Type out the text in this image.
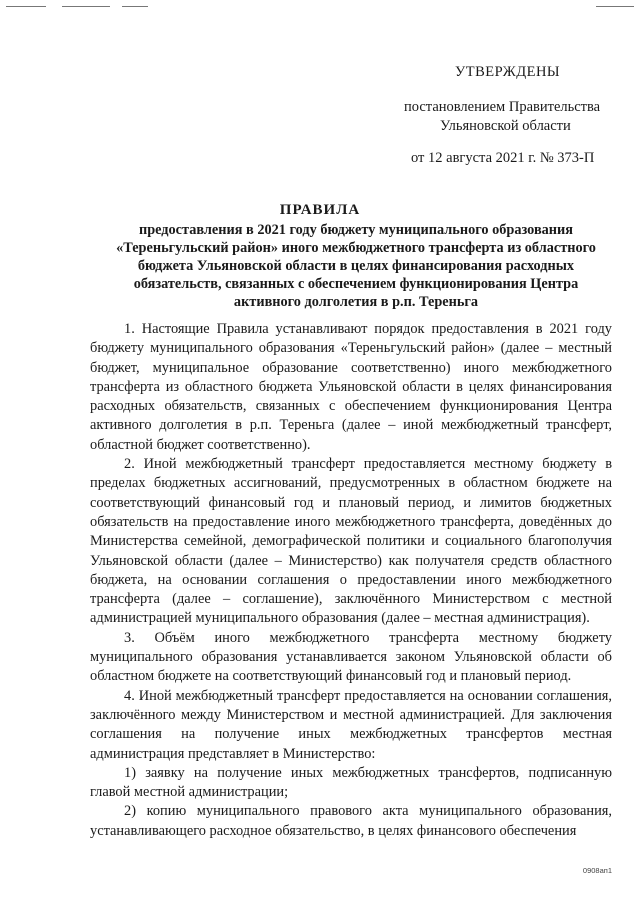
УТВЕРЖДЕНЫ
постановлением Правительства
Ульяновской области
от 12 августа 2021 г. № 373-П
ПРАВИЛА
предоставления в 2021 году бюджету муниципального образования «Тереньгульский район» иного межбюджетного трансферта из областного бюджета Ульяновской области в целях финансирования расходных обязательств, связанных с обеспечением функционирования Центра активного долголетия в р.п. Тереньга

1. Настоящие Правила устанавливают порядок предоставления в 2021 году бюджету муниципального образования «Тереньгульский район» (далее – местный бюджет, муниципальное образование соответственно) иного межбюджетного трансферта из областного бюджета Ульяновской области в целях финансирования расходных обязательств, связанных с обеспечением функционирования Центра активного долголетия в р.п. Тереньга (далее – иной межбюджетный трансферт, областной бюджет соответственно).

2. Иной межбюджетный трансферт предоставляется местному бюджету в пределах бюджетных ассигнований, предусмотренных в областном бюджете на соответствующий финансовый год и плановый период, и лимитов бюджетных обязательств на предоставление иного межбюджетного трансферта, доведённых до Министерства семейной, демографической политики и социального благополучия Ульяновской области (далее – Министерство) как получателя средств областного бюджета, на основании соглашения о предоставлении иного межбюджетного трансферта (далее – соглашение), заключённого Министерством с местной администрацией муниципального образования (далее – местная администрация).

3. Объём иного межбюджетного трансферта местному бюджету муниципального образования устанавливается законом Ульяновской области об областном бюджете на соответствующий финансовый год и плановый период.

4. Иной межбюджетный трансферт предоставляется на основании соглашения, заключённого между Министерством и местной администрацией. Для заключения соглашения на получение иных межбюджетных трансфертов местная администрация представляет в Министерство:

1) заявку на получение иных межбюджетных трансфертов, подписанную главой местной администрации;

2) копию муниципального правового акта муниципального образования, устанавливающего расходное обязательство, в целях финансового обеспечения

0908ап1
